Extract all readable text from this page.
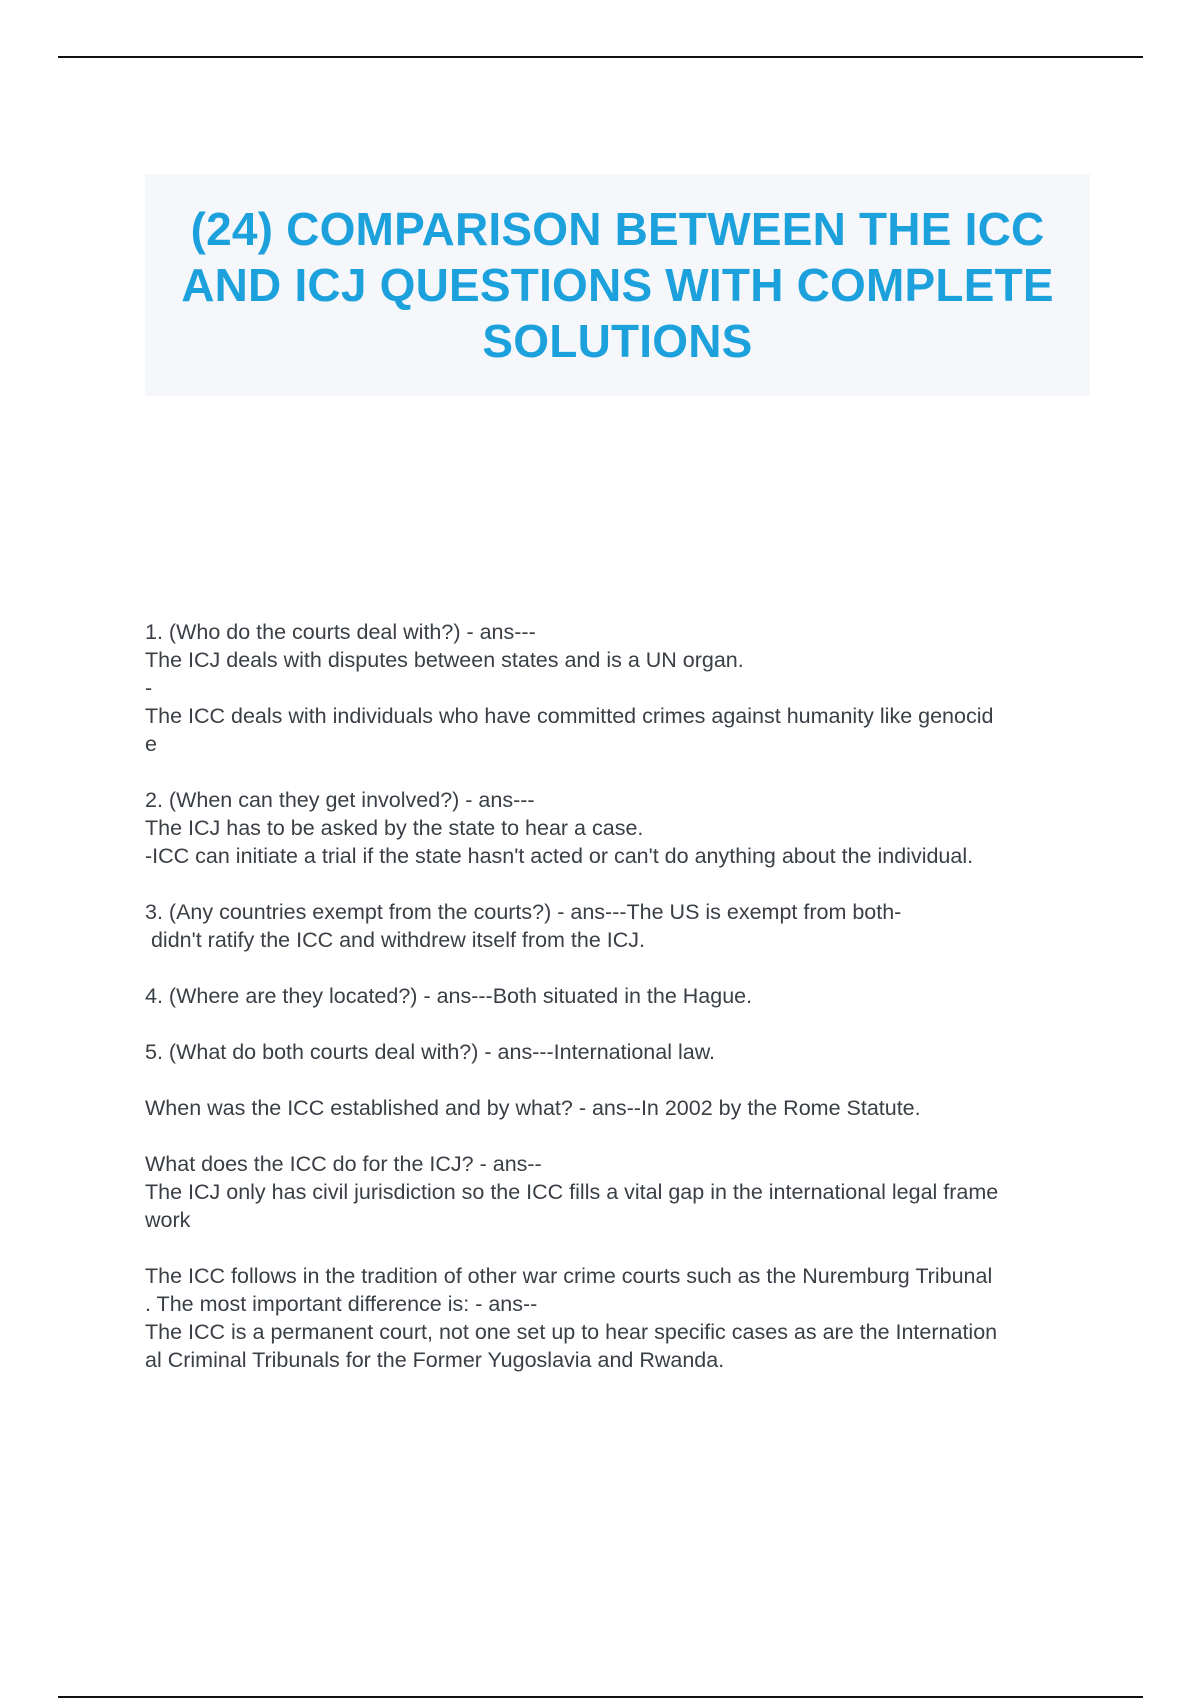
(24) COMPARISON BETWEEN THE ICC AND ICJ QUESTIONS WITH COMPLETE SOLUTIONS
1. (Who do the courts deal with?) - ans---
The ICJ deals with disputes between states and is a UN organ.
-
The ICC deals with individuals who have committed crimes against humanity like genocid
e
2. (When can they get involved?) - ans---
The ICJ has to be asked by the state to hear a case.
-ICC can initiate a trial if the state hasn't acted or can't do anything about the individual.
3. (Any countries exempt from the courts?) - ans---The US is exempt from both-
didn't ratify the ICC and withdrew itself from the ICJ.
4. (Where are they located?) - ans---Both situated in the Hague.
5. (What do both courts deal with?) - ans---International law.
When was the ICC established and by what? - ans--In 2002 by the Rome Statute.
What does the ICC do for the ICJ? - ans--
The ICJ only has civil jurisdiction so the ICC fills a vital gap in the international legal frame
work
The ICC follows in the tradition of other war crime courts such as the Nuremburg Tribunal
. The most important difference is: - ans--
The ICC is a permanent court, not one set up to hear specific cases as are the Internation
al Criminal Tribunals for the Former Yugoslavia and Rwanda.
